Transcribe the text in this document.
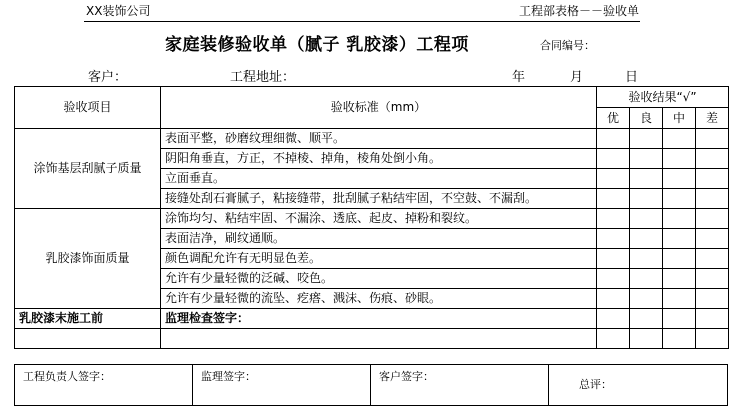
XX装饰公司	工程部表格－－验收单
家庭装修验收单（腻子 乳胶漆）工程项	合同编号：
客户：	工程地址：	年	月	日
验收项目	验收标准（mm）	验收结果“√”			
		优	良	中	差
涂饰基层刮腻子质量	表面平整，砂磨纹理细微、顺平。				
	阴阳角垂直，方正，不掉棱、掉角，棱角处倒小角。				
	立面垂直。				
	接缝处刮石膏腻子，粘接缝带，批刮腻子粘结牢固，不空鼓、不漏刮。				
乳胶漆饰面质量	涂饰均匀、粘结牢固、不漏涂、透底、起皮、掉粉和裂纹。				
	表面洁净，刷纹通顺。				
	颜色调配允许有无明显色差。				
	允许有少量轻微的泛碱、咬色。				
	允许有少量轻微的流坠、疙瘩、溅沫、伤痕、砂眼。				
乳胶漆末施工前	监理检查签字：				

工程负责人签字：	监理签字：	客户签字：
总评：
